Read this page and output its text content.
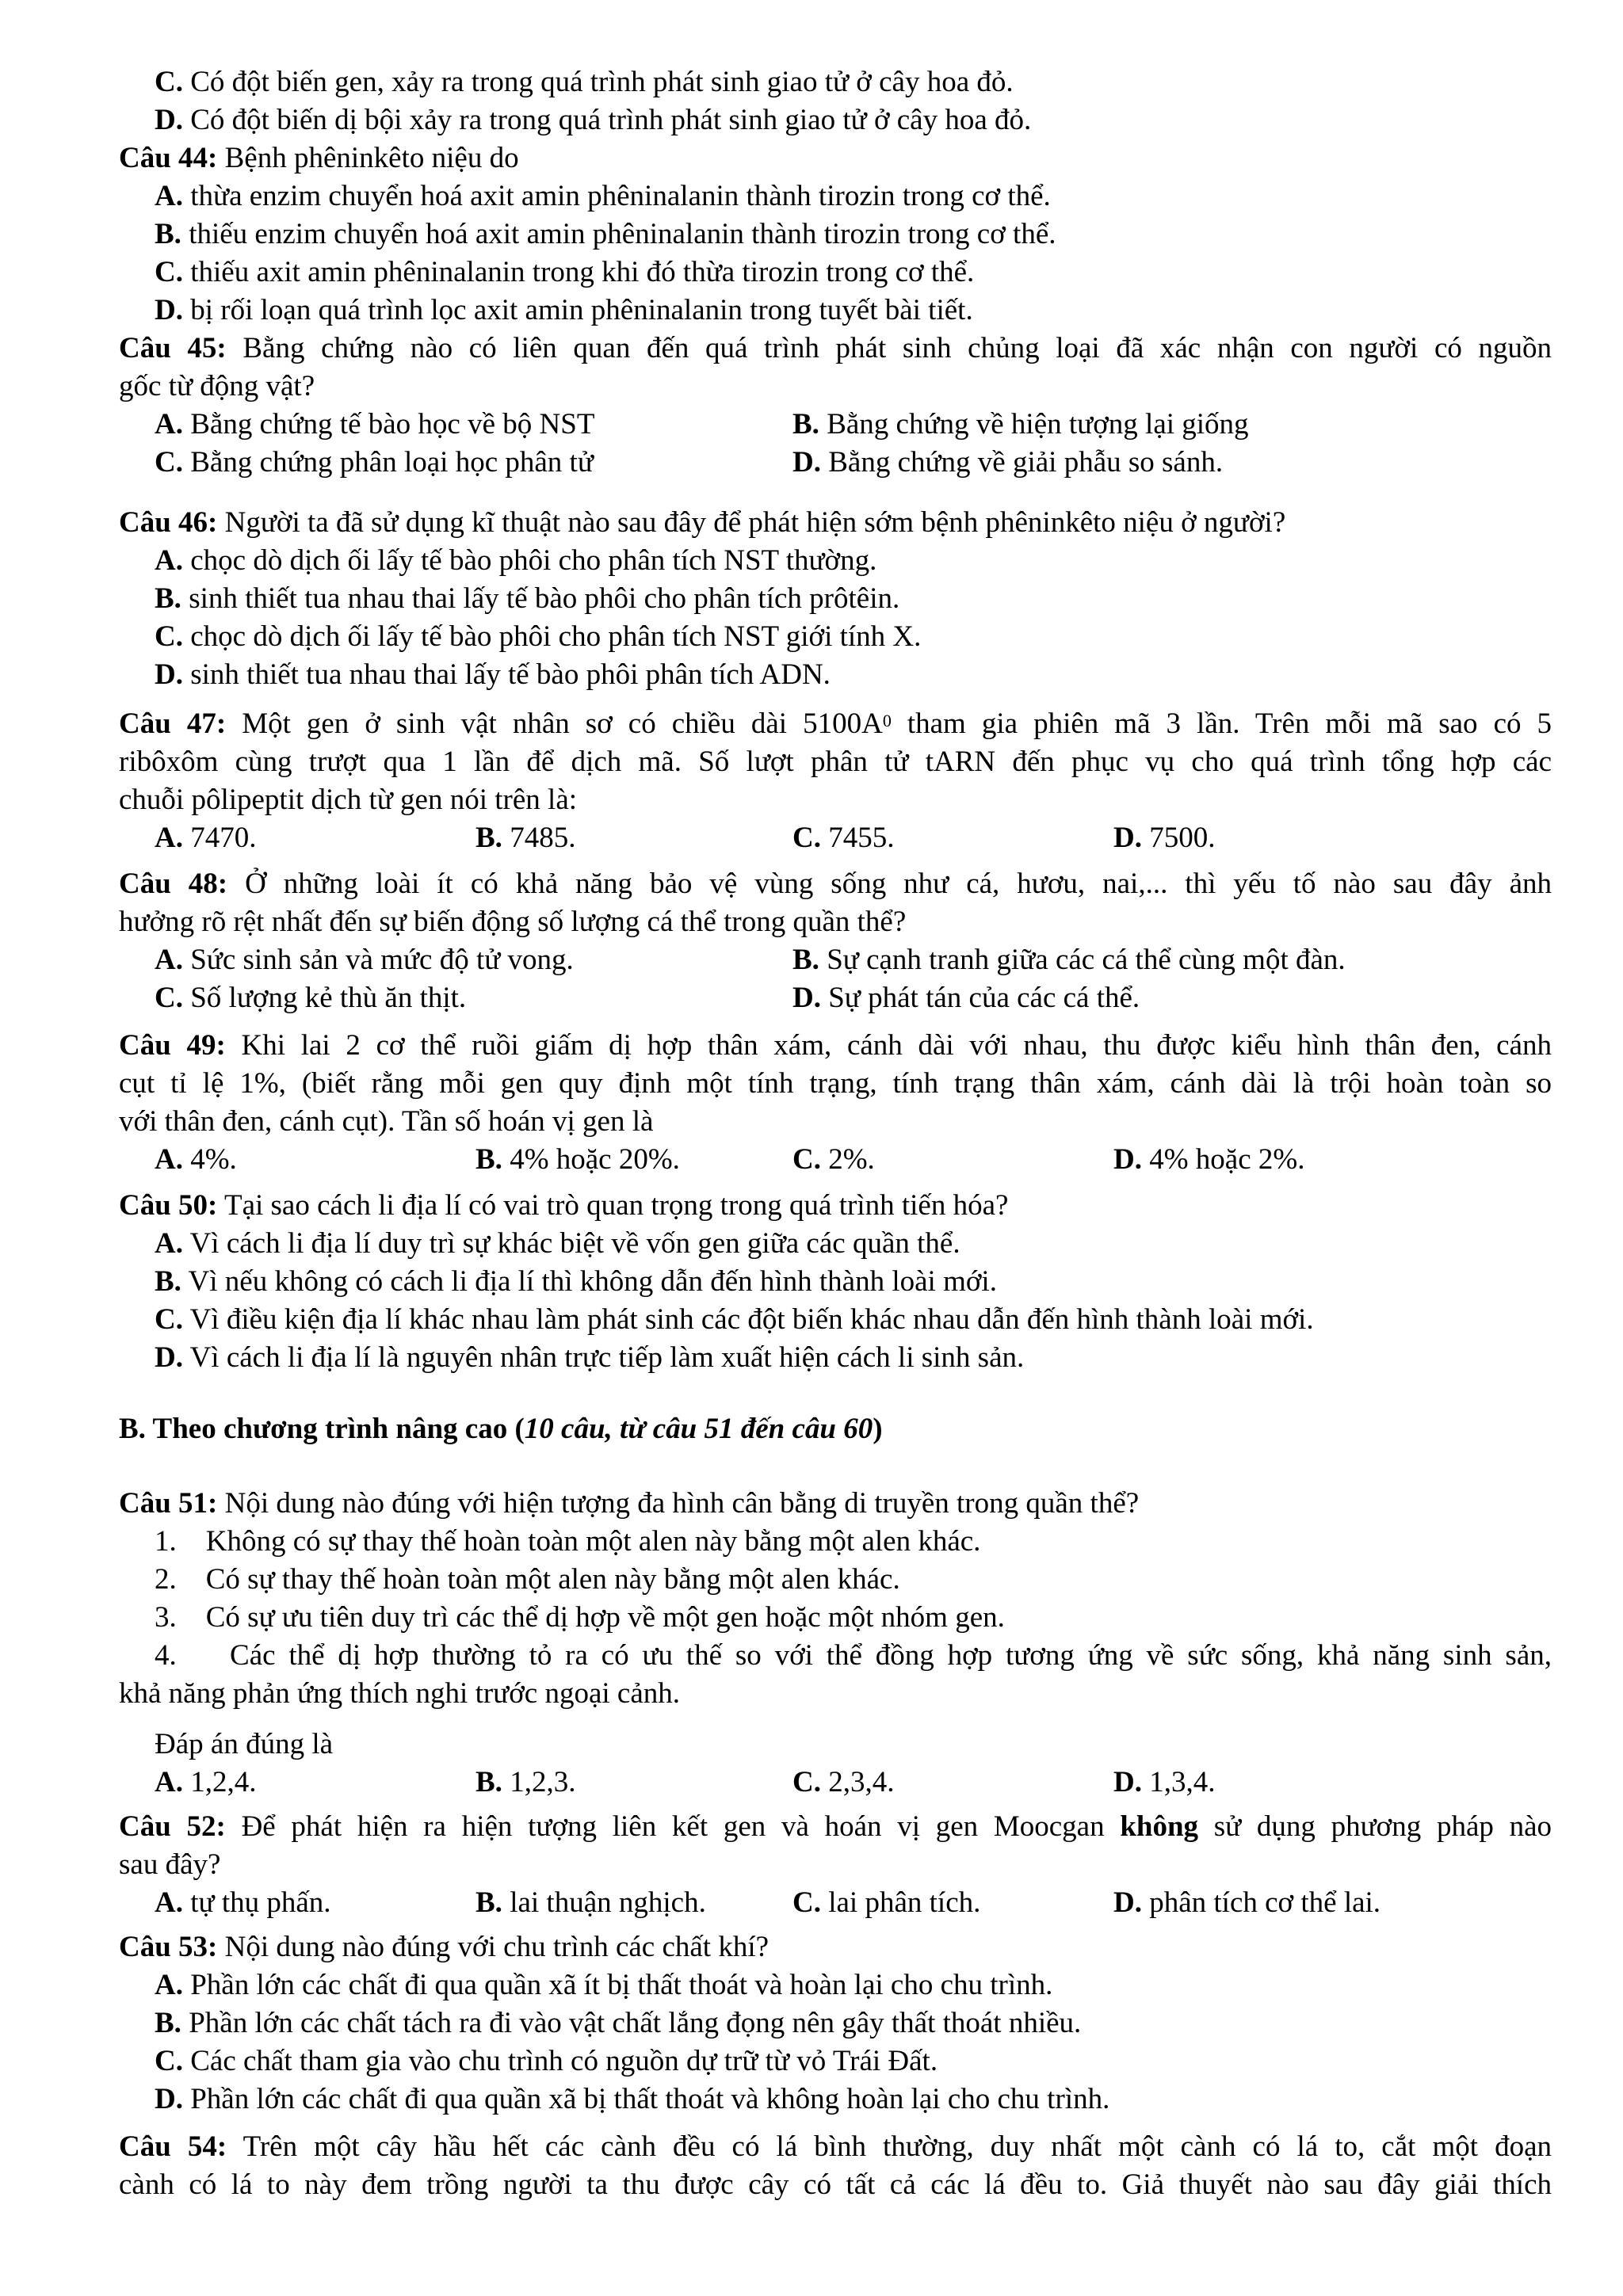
C. Có đột biến gen, xảy ra trong quá trình phát sinh giao tử ở cây hoa đỏ.
D. Có đột biến dị bội xảy ra trong quá trình phát sinh giao tử ở cây hoa đỏ.
Câu 44: Bệnh phêninkêto niệu do
A. thừa enzim chuyển hoá axit amin phêninalanin thành tirozin trong cơ thể.
B. thiếu enzim chuyển hoá axit amin phêninalanin thành tirozin trong cơ thể.
C. thiếu axit amin phêninalanin trong khi đó thừa tirozin trong cơ thể.
D. bị rối loạn quá trình lọc axit amin phêninalanin trong tuyết bài tiết.
Câu 45: Bằng chứng nào có liên quan đến quá trình phát sinh chủng loại đã xác nhận con người có nguồn
gốc từ động vật?
A. Bằng chứng tế bào học về bộ NST	B. Bằng chứng về hiện tượng lại giống
C. Bằng chứng phân loại học phân tử	D. Bằng chứng về giải phẫu so sánh.
Câu 46: Người ta đã sử dụng kĩ thuật nào sau đây để phát hiện sớm bệnh phêninkêto niệu ở người?
A. chọc dò dịch ối lấy tế bào phôi cho phân tích NST thường.
B. sinh thiết tua nhau thai lấy tế bào phôi cho phân tích prôtêin.
C. chọc dò dịch ối lấy tế bào phôi cho phân tích NST giới tính X.
D. sinh thiết tua nhau thai lấy tế bào phôi phân tích ADN.
Câu 47: Một gen ở sinh vật nhân sơ có chiều dài $5100A^0$ tham gia phiên mã 3 lần. Trên mỗi mã sao có 5
ribôxôm cùng trượt qua 1 lần để dịch mã. Số lượt phân tử tARN đến phục vụ cho quá trình tổng hợp các
chuỗi pôlipeptit dịch từ gen nói trên là:
A. 7470.	B. 7485.	C. 7455.	D. 7500.
Câu 48: Ở những loài ít có khả năng bảo vệ vùng sống như cá, hươu, nai,... thì yếu tố nào sau đây ảnh
hưởng rõ rệt nhất đến sự biến động số lượng cá thể trong quần thể?
A. Sức sinh sản và mức độ tử vong.	B. Sự cạnh tranh giữa các cá thể cùng một đàn.
C. Số lượng kẻ thù ăn thịt.	D. Sự phát tán của các cá thể.
Câu 49: Khi lai 2 cơ thể ruồi giấm dị hợp thân xám, cánh dài với nhau, thu được kiểu hình thân đen, cánh
cụt tỉ lệ 1%, (biết rằng mỗi gen quy định một tính trạng, tính trạng thân xám, cánh dài là trội hoàn toàn so
với thân đen, cánh cụt). Tần số hoán vị gen là
A. 4%.	B. 4% hoặc 20%.	C. 2%.	D. 4% hoặc 2%.
Câu 50: Tại sao cách li địa lí có vai trò quan trọng trong quá trình tiến hóa?
A. Vì cách li địa lí duy trì sự khác biệt về vốn gen giữa các quần thể.
B. Vì nếu không có cách li địa lí thì không dẫn đến hình thành loài mới.
C. Vì điều kiện địa lí khác nhau làm phát sinh các đột biến khác nhau dẫn đến hình thành loài mới.
D. Vì cách li địa lí là nguyên nhân trực tiếp làm xuất hiện cách li sinh sản.
B. Theo chương trình nâng cao (10 câu, từ câu 51 đến câu 60)
Câu 51: Nội dung nào đúng với hiện tượng đa hình cân bằng di truyền trong quần thể?
1. Không có sự thay thế hoàn toàn một alen này bằng một alen khác.
2. Có sự thay thế hoàn toàn một alen này bằng một alen khác.
3. Có sự ưu tiên duy trì các thể dị hợp về một gen hoặc một nhóm gen.
4. Các thể dị hợp thường tỏ ra có ưu thế so với thể đồng hợp tương ứng về sức sống, khả năng sinh sản,
khả năng phản ứng thích nghi trước ngoại cảnh.
Đáp án đúng là
A. 1,2,4.	B. 1,2,3.	C. 2,3,4.	D. 1,3,4.
Câu 52: Để phát hiện ra hiện tượng liên kết gen và hoán vị gen Moocgan không sử dụng phương pháp nào
sau đây?
A. tự thụ phấn.	B. lai thuận nghịch.	C. lai phân tích.	D. phân tích cơ thể lai.
Câu 53: Nội dung nào đúng với chu trình các chất khí?
A. Phần lớn các chất đi qua quần xã ít bị thất thoát và hoàn lại cho chu trình.
B. Phần lớn các chất tách ra đi vào vật chất lắng đọng nên gây thất thoát nhiều.
C. Các chất tham gia vào chu trình có nguồn dự trữ từ vỏ Trái Đất.
D. Phần lớn các chất đi qua quần xã bị thất thoát và không hoàn lại cho chu trình.
Câu 54: Trên một cây hầu hết các cành đều có lá bình thường, duy nhất một cành có lá to, cắt một đoạn
cành có lá to này đem trồng người ta thu được cây có tất cả các lá đều to. Giả thuyết nào sau đây giải thích
